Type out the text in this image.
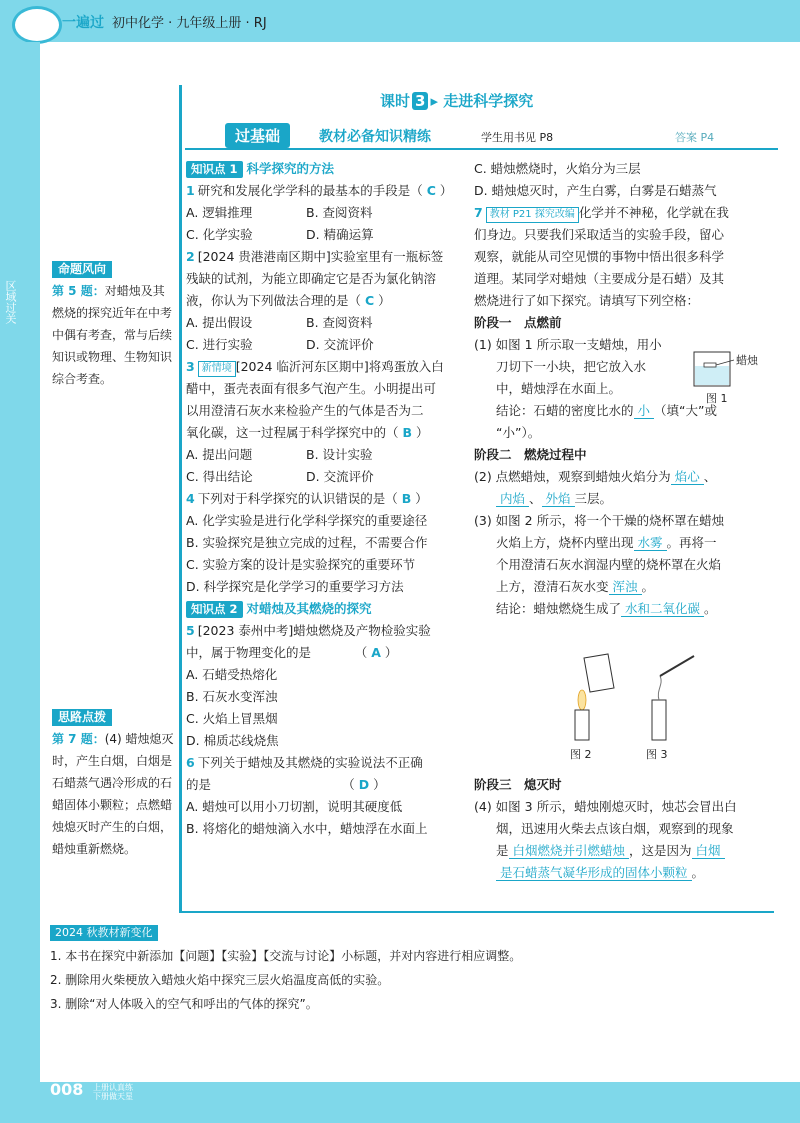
一遍过 初中化学 · 九年级上册 · RJ
区域过关
课时 3 ▸ 走进科学探究
过基础	教材必备知识精练	学生用书见 P8	答案 P4

知识点 1 科学探究的方法

1 研究和发展化学学科的最基本的手段是（ C ）

A. 逻辑推理	B. 查阅资料

C. 化学实验	D. 精确运算

2 [2024 贵港港南区期中]实验室里有一瓶标签

残缺的试剂，为能立即确定它是否为氯化钠溶

液，你认为下列做法合理的是（ C ）

A. 提出假设	B. 查阅资料

C. 进行实验	D. 交流评价

3 新情境 [2024 临沂河东区期中]将鸡蛋放入白

醋中，蛋壳表面有很多气泡产生。小明提出可

以用澄清石灰水来检验产生的气体是否为二

氧化碳，这一过程属于科学探究中的（ B ）

A. 提出问题	B. 设计实验

C. 得出结论	D. 交流评价

4 下列对于科学探究的认识错误的是（ B ）

A. 化学实验是进行化学科学探究的重要途径

B. 实验探究是独立完成的过程，不需要合作

C. 实验方案的设计是实验探究的重要环节

D. 科学探究是化学学习的重要学习方法

知识点 2 对蜡烛及其燃烧的探究

5 [2023 泰州中考]蜡烛燃烧及产物检验实验

中，属于物理变化的是　　　　（ A ）

A. 石蜡受热熔化

B. 石灰水变浑浊

C. 火焰上冒黑烟

D. 棉质芯线烧焦

6 下列关于蜡烛及其燃烧的实验说法不正确

的是　　　　　　　　　　　（ D ）

A. 蜡烛可以用小刀切割，说明其硬度低

B. 将熔化的蜡烛滴入水中，蜡烛浮在水面上

C. 蜡烛燃烧时，火焰分为三层

D. 蜡烛熄灭时，产生白雾，白雾是石蜡蒸气

7 教材 P21 探究改编 化学并不神秘，化学就在我

们身边。只要我们采取适当的实验手段，留心

观察，就能从司空见惯的事物中悟出很多科学

道理。某同学对蜡烛（主要成分是石蜡）及其

燃烧进行了如下探究。请填写下列空格：

阶段一　点燃前

(1) 如图 1 所示取一支蜡烛，用小

刀切下一小块，把它放入水

中，蜡烛浮在水面上。

结论：石蜡的密度比水的 小 （填“大”或

“小”）。

阶段二　燃烧过程中

(2) 点燃蜡烛，观察到蜡烛火焰分为 焰心 、

内焰 、 外焰 三层。

(3) 如图 2 所示，将一个干燥的烧杯罩在蜡烛

火焰上方，烧杯内壁出现 水雾 。再将一

个用澄清石灰水润湿内壁的烧杯罩在火焰

上方，澄清石灰水变 浑浊 。

结论：蜡烛燃烧生成了 水和二氧化碳 。

蜡烛
图 1
图 2	图 3

阶段三　熄灭时

(4) 如图 3 所示，蜡烛刚熄灭时，烛芯会冒出白

烟，迅速用火柴去点该白烟，观察到的现象

是 白烟燃烧并引燃蜡烛 ，这是因为 白烟

是石蜡蒸气凝华形成的固体小颗粒 。

命题风向

第 5 题：对蜡烛及其燃烧的探究近年在中考中偶有考查，常与后续知识或物理、生物知识综合考查。

思路点拨

第 7 题：(4) 蜡烛熄灭时，产生白烟，白烟是石蜡蒸气遇冷形成的石蜡固体小颗粒；点燃蜡烛熄灭时产生的白烟，蜡烛重新燃烧。

2024 秋教材新变化
1. 本书在探究中新添加【问题】【实验】【交流与讨论】小标题，并对内容进行相应调整。
2. 删除用火柴梗放入蜡烛火焰中探究三层火焰温度高低的实验。
3. 删除“对人体吸入的空气和呼出的气体的探究”。
008 上册认真练
下册做天星
